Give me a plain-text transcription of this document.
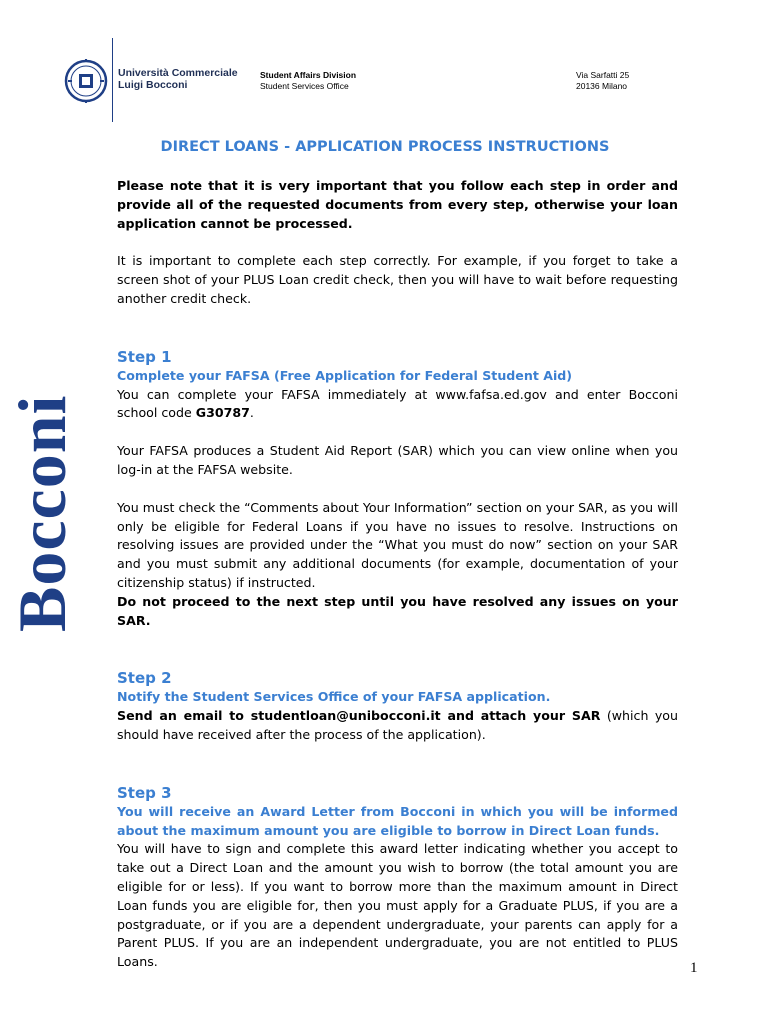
Università Commerciale
Luigi Bocconi
Student Affairs Division
Student Services Office
Via Sarfatti 25
20136 Milano
Bocconi
DIRECT LOANS - APPLICATION PROCESS INSTRUCTIONS

Please note that it is very important that you follow each step in order and provide all of the requested documents from every step, otherwise your loan application cannot be processed.

It is important to complete each step correctly. For example, if you forget to take a screen shot of your PLUS Loan credit check, then you will have to wait before requesting another credit check.

Step 1

Complete your FAFSA (Free Application for Federal Student Aid)

You can complete your FAFSA immediately at www.fafsa.ed.gov and enter Bocconi school code G30787.

Your FAFSA produces a Student Aid Report (SAR) which you can view online when you log-in at the FAFSA website.

You must check the “Comments about Your Information” section on your SAR, as you will only be eligible for Federal Loans if you have no issues to resolve. Instructions on resolving issues are provided under the “What you must do now” section on your SAR and you must submit any additional documents (for example, documentation of your citizenship status) if instructed.

Do not proceed to the next step until you have resolved any issues on your SAR.

Step 2

Notify the Student Services Office of your FAFSA application.

Send an email to studentloan@unibocconi.it and attach your SAR (which you should have received after the process of the application).

Step 3

You will receive an Award Letter from Bocconi in which you will be informed about the maximum amount you are eligible to borrow in Direct Loan funds.

You will have to sign and complete this award letter indicating whether you accept to take out a Direct Loan and the amount you wish to borrow (the total amount you are eligible for or less). If you want to borrow more than the maximum amount in Direct Loan funds you are eligible for, then you must apply for a Graduate PLUS, if you are a postgraduate, or if you are a dependent undergraduate, your parents can apply for a Parent PLUS. If you are an independent undergraduate, you are not entitled to PLUS Loans.	1
